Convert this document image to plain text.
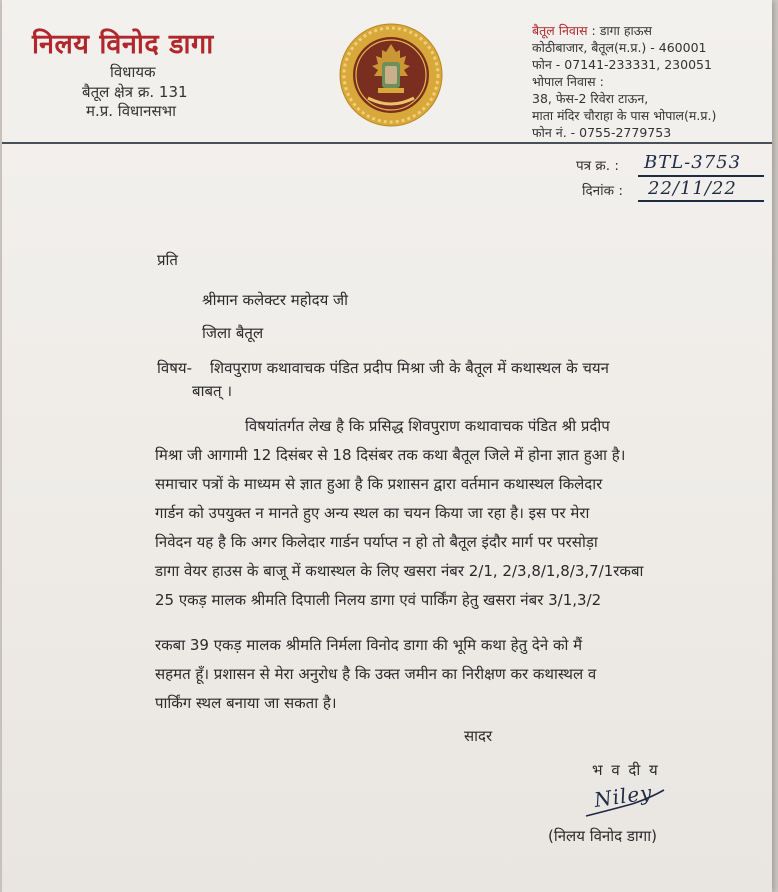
निलय विनोद डागा
विधायक
बैतूल क्षेत्र क्र. 131
म.प्र. विधानसभा
बैतूल निवास : डागा हाऊस
कोठीबाजार, बैतूल(म.प्र.) - 460001
फोन - 07141-233331, 230051
भोपाल निवास :
38, फेस-2 रिवेरा टाऊन,
माता मंदिर चौराहा के पास भोपाल(म.प्र.)
फोन नं. - 0755-2779753
पत्र क्र. : BTL-3753
दिनांक : 22/11/22
प्रति
श्रीमान कलेक्टर महोदय जी
जिला बैतूल
विषय- शिवपुराण कथावाचक पंडित प्रदीप मिश्रा जी के बैतूल में कथास्थल के चयन
बाबत् ।
विषयांतर्गत लेख है कि प्रसिद्ध शिवपुराण कथावाचक पंडित श्री प्रदीप
मिश्रा जी आगामी 12 दिसंबर से 18 दिसंबर तक कथा बैतूल जिले में होना ज्ञात हुआ है।
समाचार पत्रों के माध्यम से ज्ञात हुआ है कि प्रशासन द्वारा वर्तमान कथास्थल किलेदार
गार्डन को उपयुक्त न मानते हुए अन्य स्थल का चयन किया जा रहा है। इस पर मेरा
निवेदन यह है कि अगर किलेदार गार्डन पर्याप्त न हो तो बैतूल इंदौर मार्ग पर परसोड़ा
डागा वेयर हाउस के बाजू में कथास्थल के लिए खसरा नंबर 2/1, 2/3,8/1,8/3,7/1रकबा
25 एकड़ मालक श्रीमति दिपाली निलय डागा एवं पार्किंग हेतु खसरा नंबर 3/1,3/2
रकबा 39 एकड़ मालक श्रीमति निर्मला विनोद डागा की भूमि कथा हेतु देने को मैं
सहमत हूँ। प्रशासन से मेरा अनुरोध है कि उक्त जमीन का निरीक्षण कर कथास्थल व
पार्किंग स्थल बनाया जा सकता है।
सादर
भ व दी य
Niley
(निलय विनोद डागा)
